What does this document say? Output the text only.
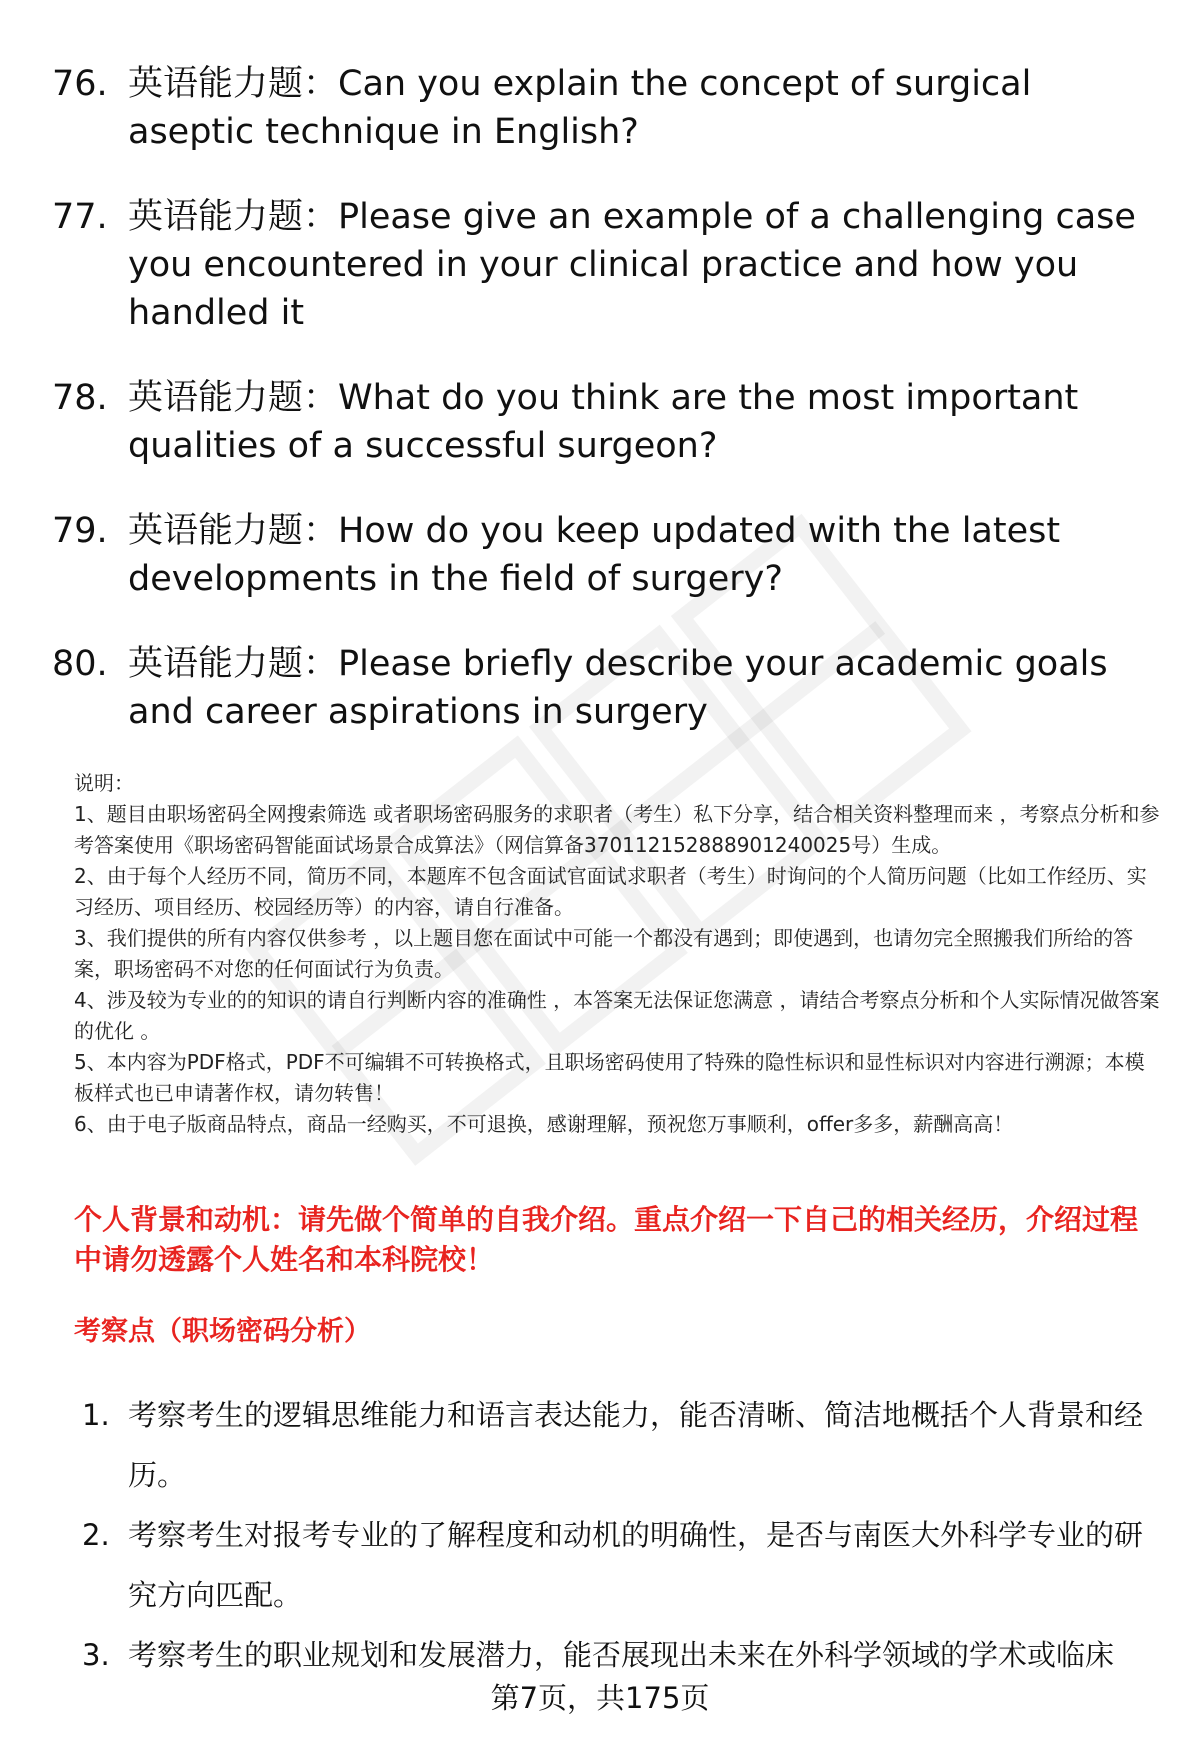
76. 英语能力题：Can you explain the concept of surgical aseptic technique in English?
77. 英语能力题：Please give an example of a challenging case you encountered in your clinical practice and how you handled it
78. 英语能力题：What do you think are the most important qualities of a successful surgeon?
79. 英语能力题：How do you keep updated with the latest developments in the field of surgery?
80. 英语能力题：Please briefly describe your academic goals and career aspirations in surgery

说明：

1、题目由职场密码全网搜索筛选 或者职场密码服务的求职者（考生）私下分享，结合相关资料整理而来 ，考察点分析和参考答案使用《职场密码智能面试场景合成算法》（网信算备370112152888901240025号）生成。

2、由于每个人经历不同，简历不同，本题库不包含面试官面试求职者（考生）时询问的个人简历问题（比如工作经历、实习经历、项目经历、校园经历等）的内容，请自行准备。

3、我们提供的所有内容仅供参考 ，以上题目您在面试中可能一个都没有遇到；即使遇到，也请勿完全照搬我们所给的答案，职场密码不对您的任何面试行为负责。

4、涉及较为专业的的知识的请自行判断内容的准确性 ，本答案无法保证您满意 ，请结合考察点分析和个人实际情况做答案的优化 。

5、本内容为PDF格式，PDF不可编辑不可转换格式，且职场密码使用了特殊的隐性标识和显性标识对内容进行溯源；本模板样式也已申请著作权，请勿转售！

6、由于电子版商品特点，商品一经购买，不可退换，感谢理解，预祝您万事顺利，offer多多，薪酬高高！

个人背景和动机：请先做个简单的自我介绍。重点介绍一下自己的相关经历，介绍过程中请勿透露个人姓名和本科院校！

考察点（职场密码分析）

1. 考察考生的逻辑思维能力和语言表达能力，能否清晰、简洁地概括个人背景和经历。
2. 考察考生对报考专业的了解程度和动机的明确性，是否与南医大外科学专业的研究方向匹配。
3. 考察考生的职业规划和发展潜力，能否展现出未来在外科学领域的学术或临床
第7页，共175页
